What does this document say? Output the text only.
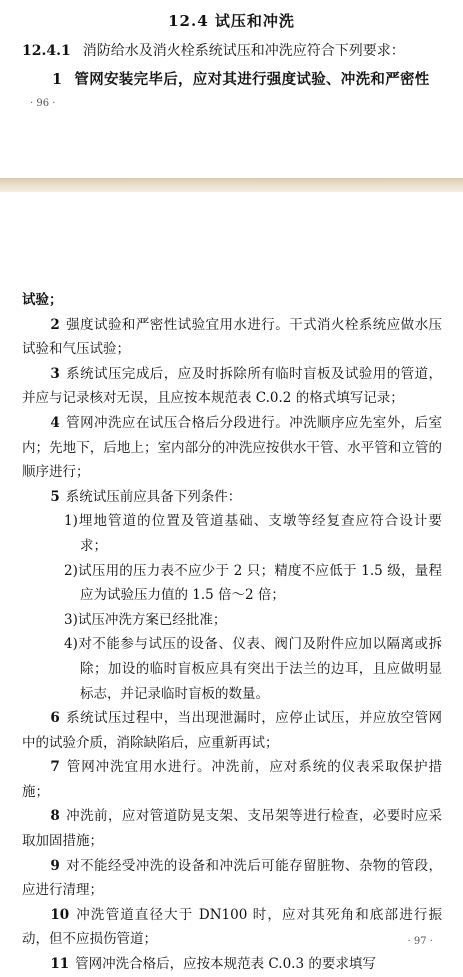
12.4 试压和冲洗
12.4.1 消防给水及消火栓系统试压和冲洗应符合下列要求：
1 管网安装完毕后，应对其进行强度试验、冲洗和严密性
· 96 ·

试验；

2 强度试验和严密性试验宜用水进行。干式消火栓系统应做水压试验和气压试验；

3 系统试压完成后，应及时拆除所有临时盲板及试验用的管道，并应与记录核对无误，且应按本规范表 C.0.2 的格式填写记录；

4 管网冲洗应在试压合格后分段进行。冲洗顺序应先室外，后室内；先地下，后地上；室内部分的冲洗应按供水干管、水平管和立管的顺序进行；

5 系统试压前应具备下列条件：

1)埋地管道的位置及管道基础、支墩等经复查应符合设计要求；

2)试压用的压力表不应少于 2 只；精度不应低于 1.5 级，量程应为试验压力值的 1.5 倍～2 倍；

3)试压冲洗方案已经批准；

4)对不能参与试压的设备、仪表、阀门及附件应加以隔离或拆除；加设的临时盲板应具有突出于法兰的边耳，且应做明显标志，并记录临时盲板的数量。

6 系统试压过程中，当出现泄漏时，应停止试压，并应放空管网中的试验介质，消除缺陷后，应重新再试；

7 管网冲洗宜用水进行。冲洗前，应对系统的仪表采取保护措施；

8 冲洗前，应对管道防晃支架、支吊架等进行检查，必要时应采取加固措施；

9 对不能经受冲洗的设备和冲洗后可能存留脏物、杂物的管段，应进行清理；

10 冲洗管道直径大于 DN100 时，应对其死角和底部进行振动，但不应损伤管道；

11 管网冲洗合格后，应按本规范表 C.0.3 的要求填写

· 97 ·
